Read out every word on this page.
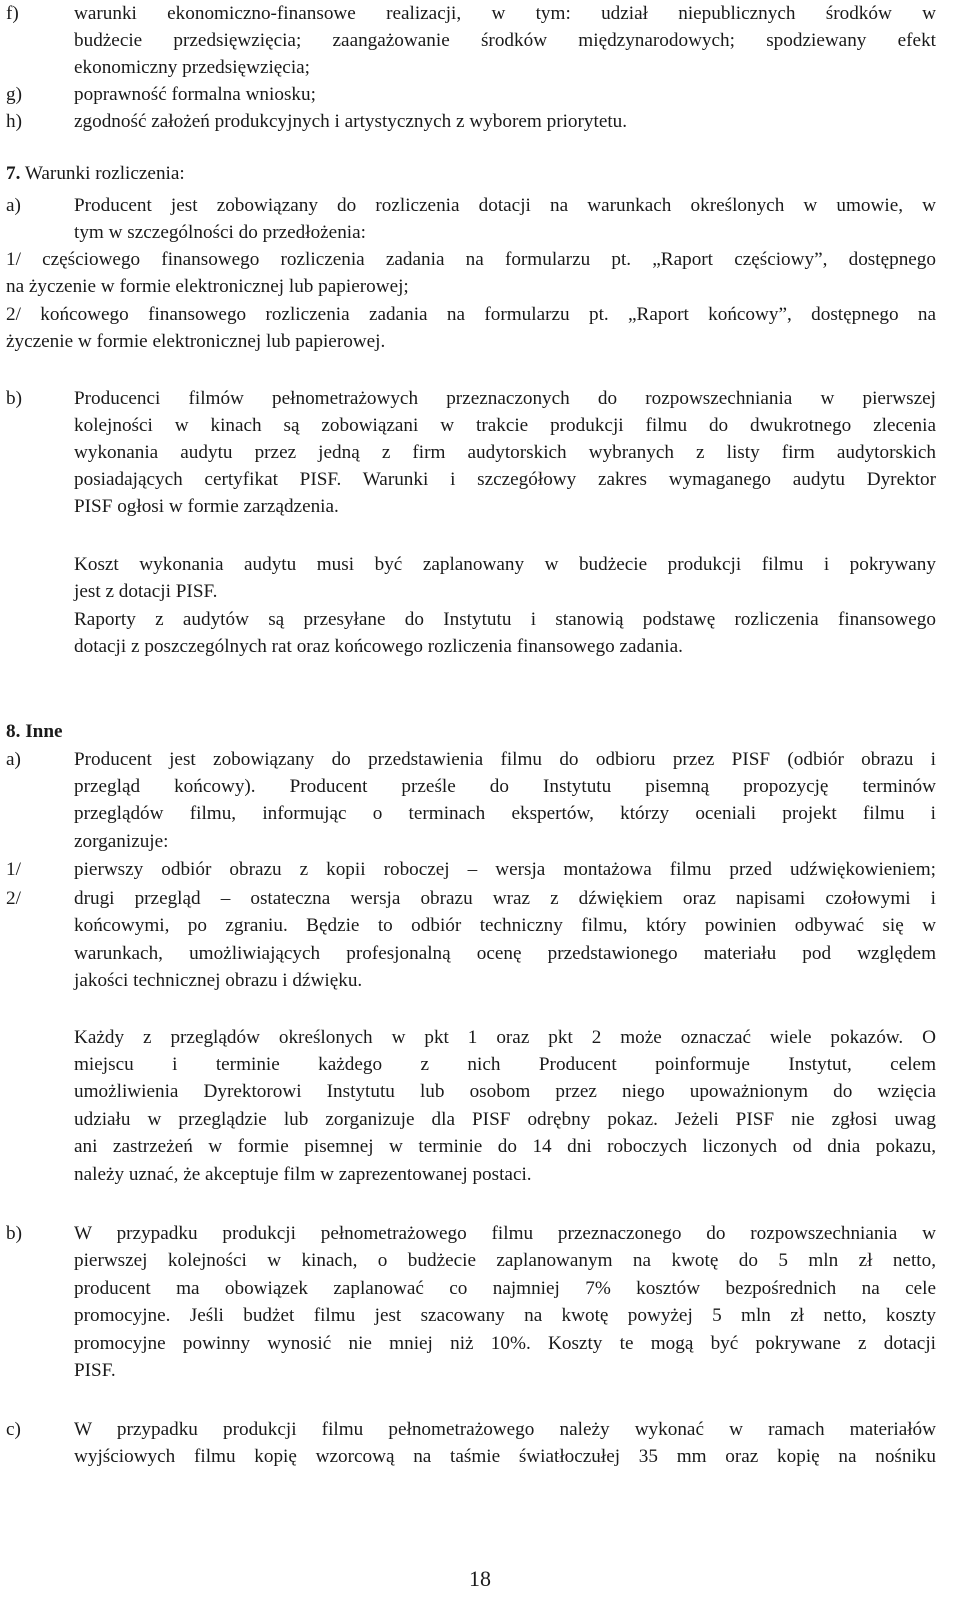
f)	warunki ekonomiczno-finansowe realizacji, w tym: udział niepublicznych środków w
budżecie przedsięwzięcia; zaangażowanie środków międzynarodowych; spodziewany efekt
ekonomiczny przedsięwzięcia;
g)	poprawność formalna wniosku;
h)	zgodność założeń produkcyjnych i artystycznych z wyborem priorytetu.
7. Warunki rozliczenia:
a)	Producent jest zobowiązany do rozliczenia dotacji na warunkach określonych w umowie, w
tym w szczególności do przedłożenia:
1/ częściowego finansowego rozliczenia zadania na formularzu pt. „Raport częściowy”, dostępnego
na życzenie w formie elektronicznej lub papierowej;
2/ końcowego finansowego rozliczenia zadania na formularzu pt. „Raport końcowy”, dostępnego na
życzenie w formie elektronicznej lub papierowej.
b)	Producenci filmów pełnometrażowych przeznaczonych do rozpowszechniania w pierwszej
kolejności w kinach są zobowiązani w trakcie produkcji filmu do dwukrotnego zlecenia
wykonania audytu przez jedną z firm audytorskich wybranych z listy firm audytorskich
posiadających certyfikat PISF. Warunki i szczegółowy zakres wymaganego audytu Dyrektor
PISF ogłosi w formie zarządzenia.
Koszt wykonania audytu musi być zaplanowany w budżecie produkcji filmu i pokrywany
jest z dotacji PISF.
Raporty z audytów są przesyłane do Instytutu i stanowią podstawę rozliczenia finansowego
dotacji z poszczególnych rat oraz końcowego rozliczenia finansowego zadania.
8. Inne
a)	Producent jest zobowiązany do przedstawienia filmu do odbioru przez PISF (odbiór obrazu i
przegląd końcowy). Producent prześle do Instytutu pisemną propozycję terminów
przeglądów filmu, informując o terminach ekspertów, którzy oceniali projekt filmu i
zorganizuje:
1/	pierwszy odbiór obrazu z kopii roboczej – wersja montażowa filmu przed udźwiękowieniem;
2/	drugi przegląd – ostateczna wersja obrazu wraz z dźwiękiem oraz napisami czołowymi i
końcowymi, po zgraniu. Będzie to odbiór techniczny filmu, który powinien odbywać się w
warunkach, umożliwiających profesjonalną ocenę przedstawionego materiału pod względem
jakości technicznej obrazu i dźwięku.
Każdy z przeglądów określonych w pkt 1 oraz pkt 2 może oznaczać wiele pokazów. O
miejscu i terminie każdego z nich Producent poinformuje Instytut, celem
umożliwienia Dyrektorowi Instytutu lub osobom przez niego upoważnionym do wzięcia
udziału w przeglądzie lub zorganizuje dla PISF odrębny pokaz. Jeżeli PISF nie zgłosi uwag
ani zastrzeżeń w formie pisemnej w terminie do 14 dni roboczych liczonych od dnia pokazu,
należy uznać, że akceptuje film w zaprezentowanej postaci.
b)	W przypadku produkcji pełnometrażowego filmu przeznaczonego do rozpowszechniania w
pierwszej kolejności w kinach, o budżecie zaplanowanym na kwotę do 5 mln zł netto,
producent ma obowiązek zaplanować co najmniej 7% kosztów bezpośrednich na cele
promocyjne. Jeśli budżet filmu jest szacowany na kwotę powyżej 5 mln zł netto, koszty
promocyjne powinny wynosić nie mniej niż 10%. Koszty te mogą być pokrywane z dotacji
PISF.
c)	W przypadku produkcji filmu pełnometrażowego należy wykonać w ramach materiałów
wyjściowych filmu kopię wzorcową na taśmie światłoczułej 35 mm oraz kopię na nośniku
18
